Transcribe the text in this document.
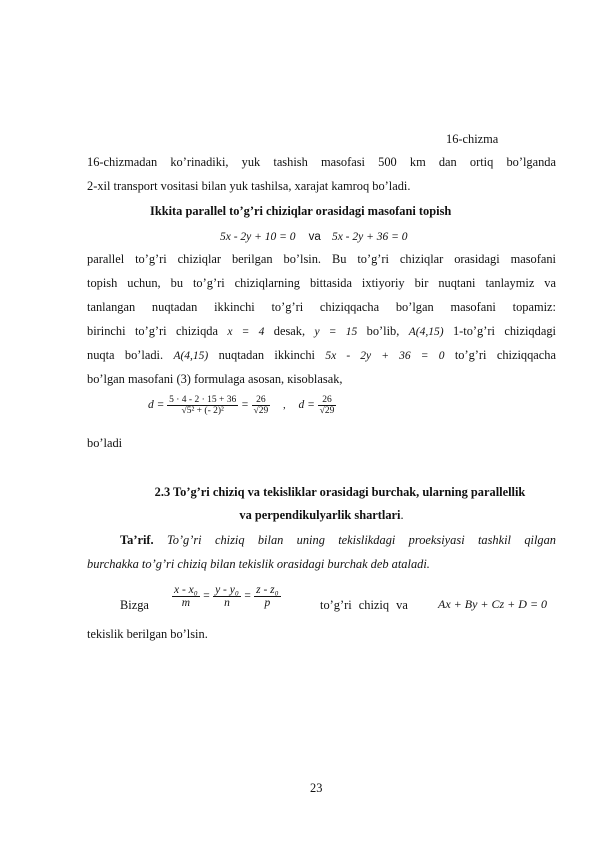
16-chizma
16-chizmadan ko’rinadiki, yuk tashish masofasi 500 km dan ortiq bo’lganda
2-xil transport vositasi bilan yuk tashilsa, xarajat kamroq bo’ladi.
Ikkita parallel to’g’ri chiziqlar orasidagi masofani topish
5x - 2y + 10 = 0 va 5x - 2y + 36 = 0
parallel to’g’ri chiziqlar berilgan bo’lsin. Bu to’g’ri chiziqlar orasidagi masofani
topish uchun, bu to’g’ri chiziqlarning bittasida ixtiyoriy bir nuqtani tanlaymiz va
tanlangan nuqtadan ikkinchi to’g’ri chiziqqacha bo’lgan masofani topamiz:
birinchi to’g’ri chiziqda x = 4 desak, y = 15 bo’lib, A(4,15) 1-to’g’ri chiziqdagi
nuqta bo’ladi. A(4,15) nuqtadan ikkinchi 5x - 2y + 36 = 0 to’g’ri chiziqqacha
bo’lgan masofani (3) formulaga asosan, кisoblasak,
$d = \frac{5 \cdot 4 - 2 \cdot 15 + 36}{\text{√5² + (- 2)²}} = \frac{26}{√29}$ , $d = \frac{26}{√29}$
bo’ladi
2.3 To’g’ri chiziq va tekisliklar orasidagi burchak, ularning parallellik
va perpendikulyarlik shartlari.
Ta’rif. To’g’ri chiziq bilan uning tekislikdagi proeksiyasi tashkil qilgan
burchakka to’g’ri chiziq bilan tekislik orasidagi burchak deb ataladi.
Bizga $\frac{\text{x - x₀}}{m} = \frac{\text{y - y₀}}{n} = \frac{\text{z - z₀}}{p}$	to’g’ri chiziq va	Ax + By + Cz + D = 0
tekislik berilgan bo’lsin.
23
